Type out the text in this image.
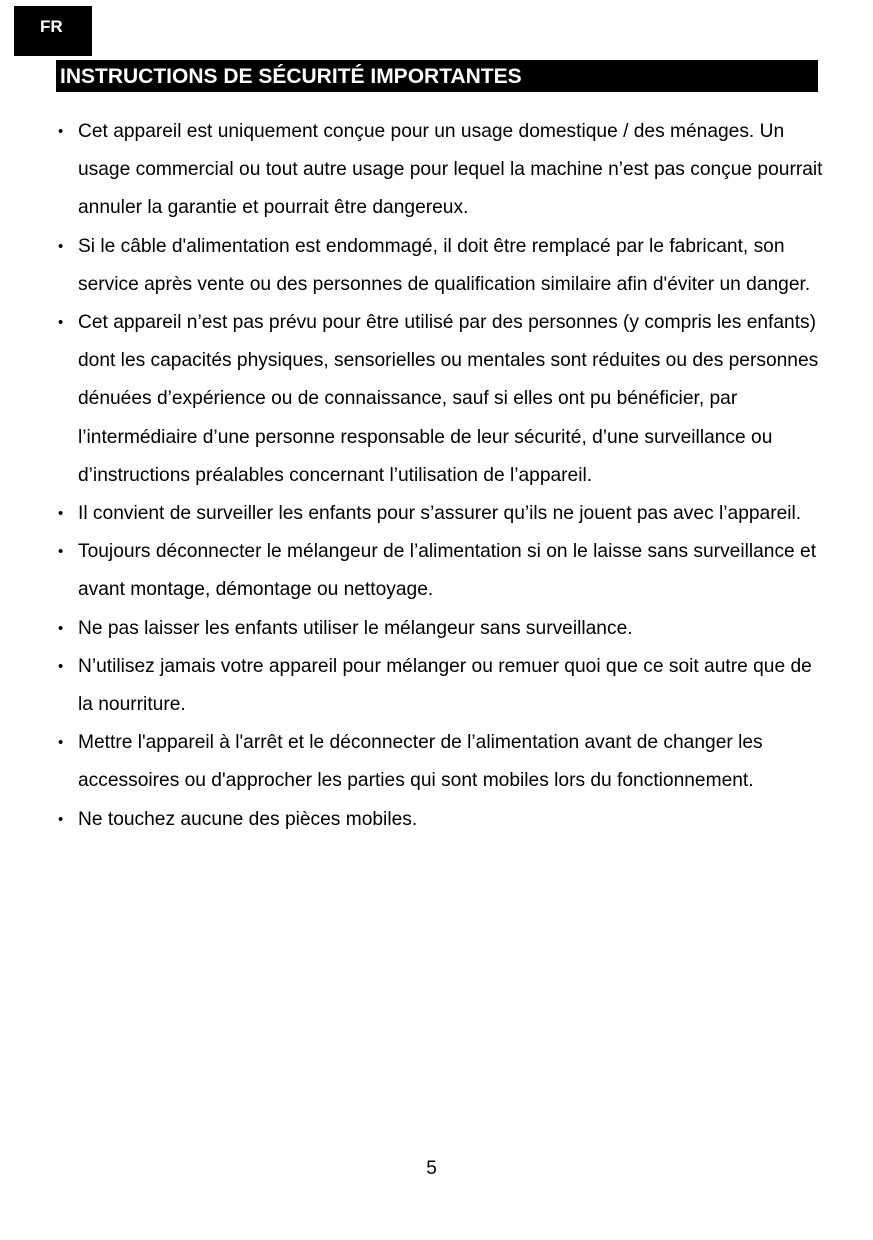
FR
INSTRUCTIONS DE SÉCURITÉ IMPORTANTES
• Cet appareil est uniquement conçue pour un usage domestique / des ménages. Un usage commercial ou tout autre usage pour lequel la machine n’est pas conçue pourrait annuler la garantie et pourrait être dangereux.
• Si le câble d'alimentation est endommagé, il doit être remplacé par le fabricant, son service après vente ou des personnes de qualification similaire afin d'éviter un danger.
• Cet appareil n’est pas prévu pour être utilisé par des personnes (y compris les enfants) dont les capacités physiques, sensorielles ou mentales sont réduites ou des personnes dénuées d’expérience ou de connaissance, sauf si elles ont pu bénéficier, par l’intermédiaire d’une personne responsable de leur sécurité, d’une surveillance ou d’instructions préalables concernant l’utilisation de l’appareil.
• Il convient de surveiller les enfants pour s’assurer qu’ils ne jouent pas avec l’appareil.
• Toujours déconnecter le mélangeur de l’alimentation si on le laisse sans surveillance et avant montage, démontage ou nettoyage.
• Ne pas laisser les enfants utiliser le mélangeur sans surveillance.
• N’utilisez jamais votre appareil pour mélanger ou remuer quoi que ce soit autre que de la nourriture.
• Mettre l'appareil à l'arrêt et le déconnecter de l’alimentation avant de changer les accessoires ou d'approcher les parties qui sont mobiles lors du fonctionnement.
• Ne touchez aucune des pièces mobiles.
5
